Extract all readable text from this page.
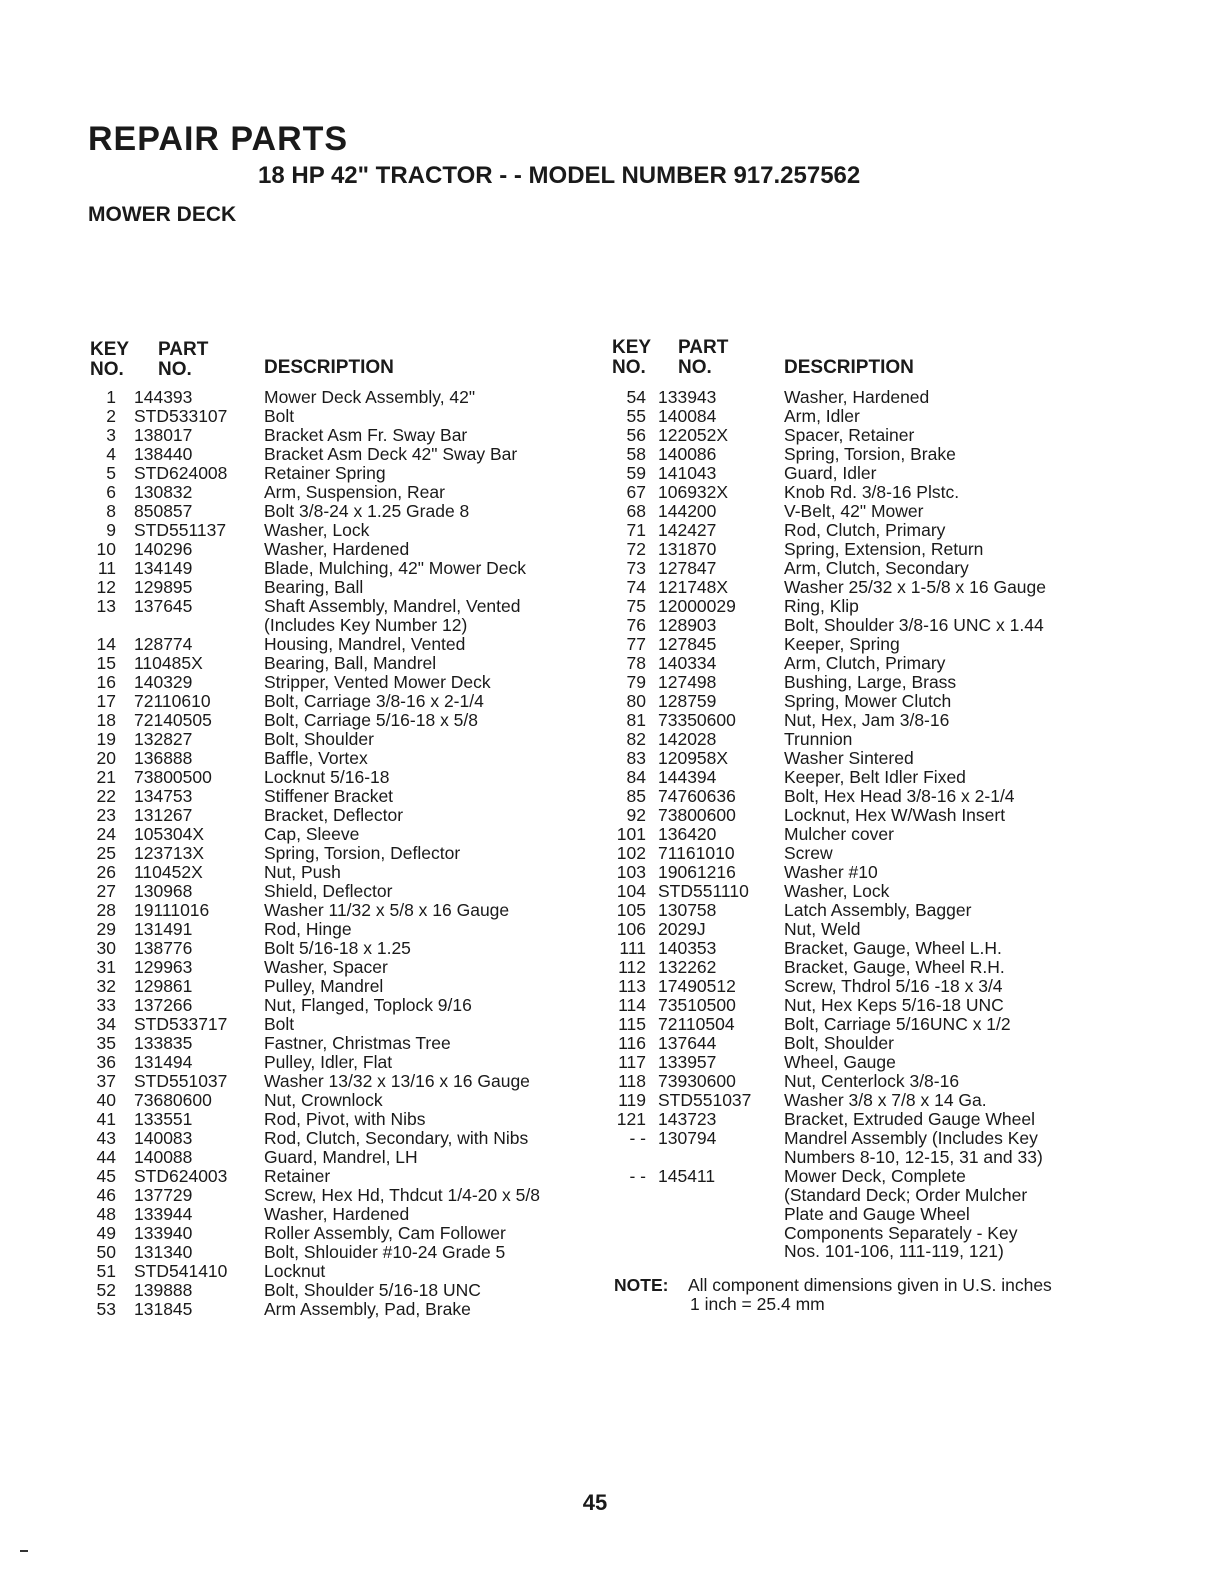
REPAIR PARTS
18 HP 42" TRACTOR - - MODEL NUMBER 917.257562
MOWER DECK
KEY
NO.
PART
NO.	DESCRIPTION
1 144393	Mower Deck Assembly, 42"
2 STD533107 Bolt
3 138017	Bracket Asm Fr. Sway Bar
4 138440	Bracket Asm Deck 42" Sway Bar
5 STD624008 Retainer Spring
6 130832	Arm, Suspension, Rear
8 850857	Bolt 3/8-24 x 1.25 Grade 8
9 STD551137 Washer, Lock
10 140296	Washer, Hardened
11 134149	Blade, Mulching, 42" Mower Deck
12 129895	Bearing, Ball
13 137645	Shaft Assembly, Mandrel, Vented
(Includes Key Number 12)
14 128774	Housing, Mandrel, Vented
15 110485X	Bearing, Ball, Mandrel
16 140329	Stripper, Vented Mower Deck
17 72110610	Bolt, Carriage 3/8-16 x 2-1/4
18 72140505	Bolt, Carriage 5/16-18 x 5/8
19 132827	Bolt, Shoulder
20 136888	Baffle, Vortex
21 73800500	Locknut 5/16-18
22 134753	Stiffener Bracket
23 131267	Bracket, Deflector
24 105304X	Cap, Sleeve
25 123713X	Spring, Torsion, Deflector
26 110452X	Nut, Push
27 130968	Shield, Deflector
28 19111016	Washer 11/32 x 5/8 x 16 Gauge
29 131491	Rod, Hinge
30 138776	Bolt 5/16-18 x 1.25
31 129963	Washer, Spacer
32 129861	Pulley, Mandrel
33 137266	Nut, Flanged, Toplock 9/16
34 STD533717 Bolt
35 133835	Fastner, Christmas Tree
36 131494	Pulley, Idler, Flat
37 STD551037 Washer 13/32 x 13/16 x 16 Gauge
40 73680600	Nut, Crownlock
41 133551	Rod, Pivot, with Nibs
43 140083	Rod, Clutch, Secondary, with Nibs
44 140088	Guard, Mandrel, LH
45 STD624003 Retainer
46 137729	Screw, Hex Hd, Thdcut 1/4-20 x 5/8
48 133944	Washer, Hardened
49 133940	Roller Assembly, Cam Follower
50 131340	Bolt, Shlouider #10-24 Grade 5
51 STD541410 Locknut
52 139888	Bolt, Shoulder 5/16-18 UNC
53 131845	Arm Assembly, Pad, Brake
KEY
NO.
PART
NO.	DESCRIPTION
54 133943	Washer, Hardened
55 140084	Arm, Idler
56 122052X	Spacer, Retainer
58 140086	Spring, Torsion, Brake
59 141043	Guard, Idler
67 106932X	Knob Rd. 3/8-16 Plstc.
68 144200	V-Belt, 42" Mower
71 142427	Rod, Clutch, Primary
72 131870	Spring, Extension, Return
73 127847	Arm, Clutch, Secondary
74 121748X	Washer 25/32 x 1-5/8 x 16 Gauge
75 12000029	Ring, Klip
76 128903	Bolt, Shoulder 3/8-16 UNC x 1.44
77 127845	Keeper, Spring
78 140334	Arm, Clutch, Primary
79 127498	Bushing, Large, Brass
80 128759	Spring, Mower Clutch
81 73350600	Nut, Hex, Jam 3/8-16
82 142028	Trunnion
83 120958X	Washer Sintered
84 144394	Keeper, Belt Idler Fixed
85 74760636	Bolt, Hex Head 3/8-16 x 2-1/4
92 73800600	Locknut, Hex W/Wash Insert
101 136420	Mulcher cover
102 71161010	Screw
103 19061216	Washer #10
104 STD551110 Washer, Lock
105 130758	Latch Assembly, Bagger
106 2029J	Nut, Weld
111 140353	Bracket, Gauge, Wheel L.H.
112 132262	Bracket, Gauge, Wheel R.H.
113 17490512	Screw, Thdrol 5/16 -18 x 3/4
114 73510500	Nut, Hex Keps 5/16-18 UNC
115 72110504	Bolt, Carriage 5/16UNC x 1/2
116 137644	Bolt, Shoulder
117 133957	Wheel, Gauge
118 73930600	Nut, Centerlock 3/8-16
119 STD551037 Washer 3/8 x 7/8 x 14 Ga.
121 143723	Bracket, Extruded Gauge Wheel
- - 130794	Mandrel Assembly (Includes Key
Numbers 8-10, 12-15, 31 and 33)
- - 145411	Mower Deck, Complete
(Standard Deck; Order Mulcher
Plate and Gauge Wheel
Components Separately - Key
Nos. 101-106, 111-119, 121)
NOTE: All component dimensions given in U.S. inches
1 inch = 25.4 mm
45
